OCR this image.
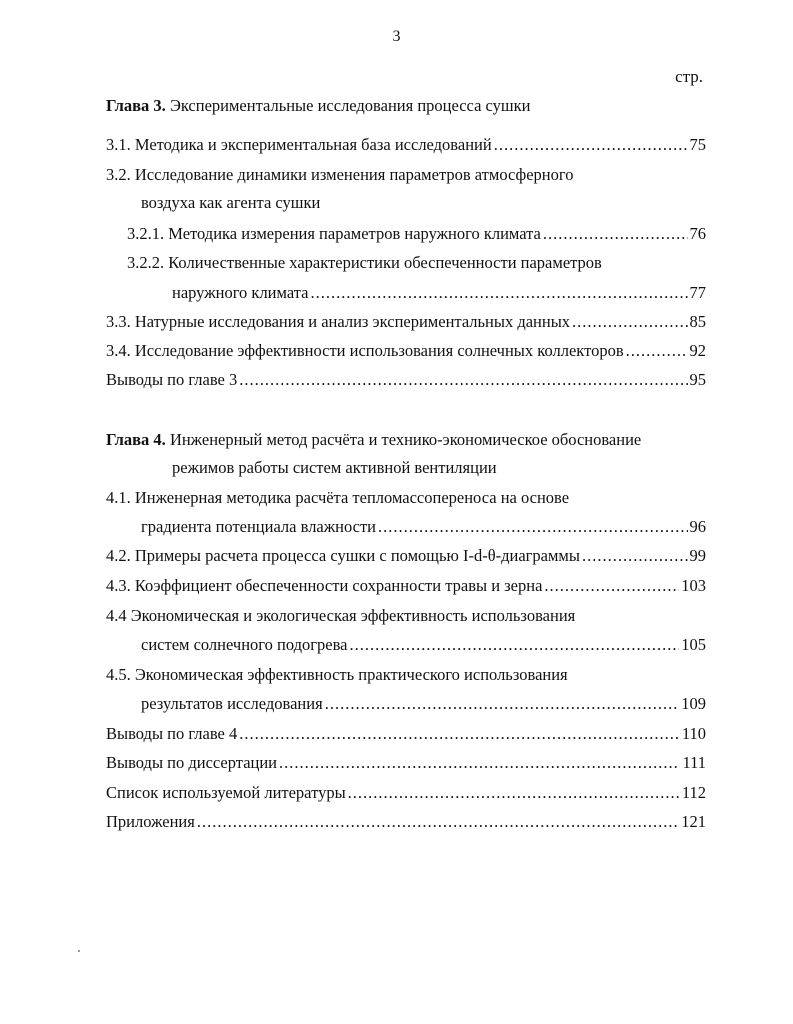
3
стр.
Глава 3. Экспериментальные исследования процесса сушки
3.1. Методика и экспериментальная база исследований .....	75
3.2. Исследование динамики изменения параметров атмосферного
воздуха как агента сушки
3.2.1. Методика измерения параметров наружного климата .....	76
3.2.2. Количественные характеристики обеспеченности параметров
наружного климата .....	77
3.3. Натурные исследования и анализ экспериментальных данных .....	85
3.4. Исследование эффективности использования солнечных коллекторов .....	92
Выводы по главе 3 .....	95
Глава 4. Инженерный метод расчёта и технико-экономическое обоснование
режимов работы систем активной вентиляции
4.1. Инженерная методика расчёта тепломассопереноса на основе
градиента потенциала влажности .....	96
4.2. Примеры расчета процесса сушки с помощью I-d-θ-диаграммы .....	99
4.3. Коэффициент обеспеченности сохранности травы и зерна .....	103
4.4 Экономическая и экологическая эффективность использования
систем солнечного подогрева .....	105
4.5. Экономическая эффективность практического использования
результатов исследования .....	109
Выводы по главе 4 .....	110
Выводы по диссертации .....	111
Список используемой литературы .....	112
Приложения .....	121
